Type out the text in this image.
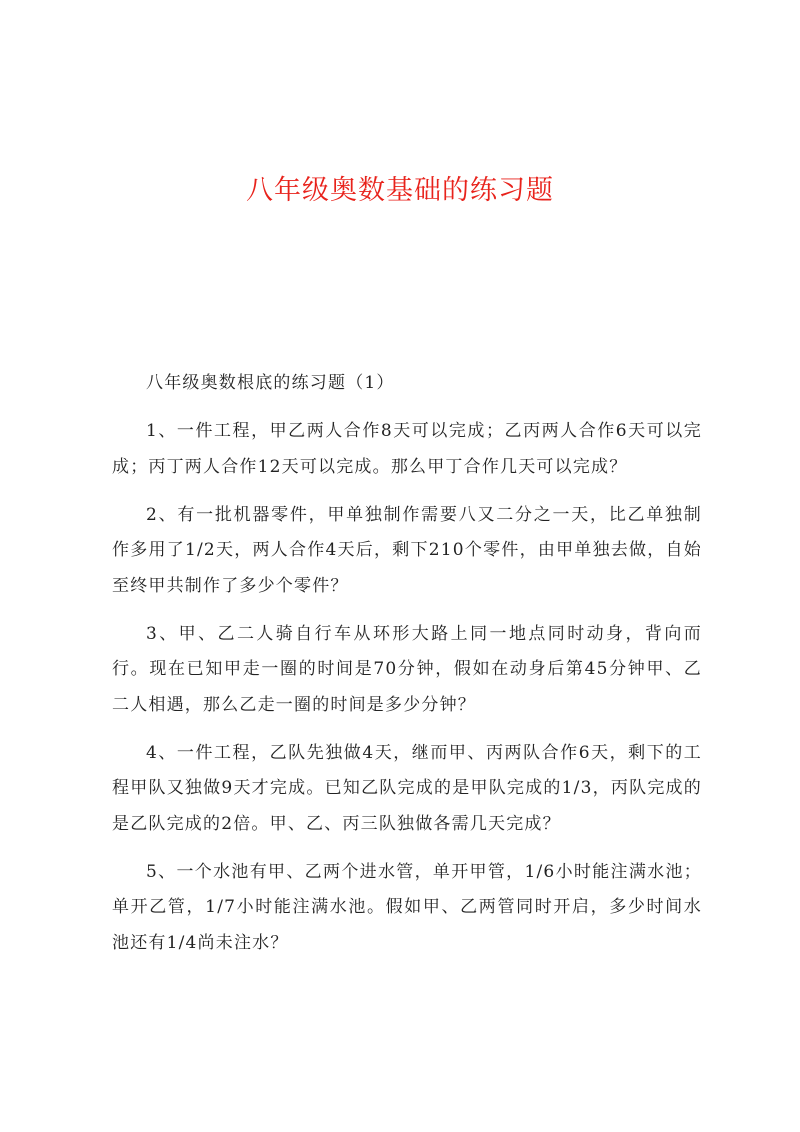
八年级奥数基础的练习题

八年级奥数根底的练习题（1）

1、一件工程，甲乙两人合作8天可以完成；乙丙两人合作6天可以完成；丙丁两人合作12天可以完成。那么甲丁合作几天可以完成？

2、有一批机器零件，甲单独制作需要八又二分之一天，比乙单独制作多用了1/2天，两人合作4天后，剩下210个零件，由甲单独去做，自始至终甲共制作了多少个零件？

3、甲、乙二人骑自行车从环形大路上同一地点同时动身，背向而行。现在已知甲走一圈的时间是70分钟，假如在动身后第45分钟甲、乙二人相遇，那么乙走一圈的时间是多少分钟？

4、一件工程，乙队先独做4天，继而甲、丙两队合作6天，剩下的工程甲队又独做9天才完成。已知乙队完成的是甲队完成的1/3，丙队完成的是乙队完成的2倍。甲、乙、丙三队独做各需几天完成？

5、一个水池有甲、乙两个进水管，单开甲管，1/6小时能注满水池；单开乙管，1/7小时能注满水池。假如甲、乙两管同时开启，多少时间水池还有1/4尚未注水？
